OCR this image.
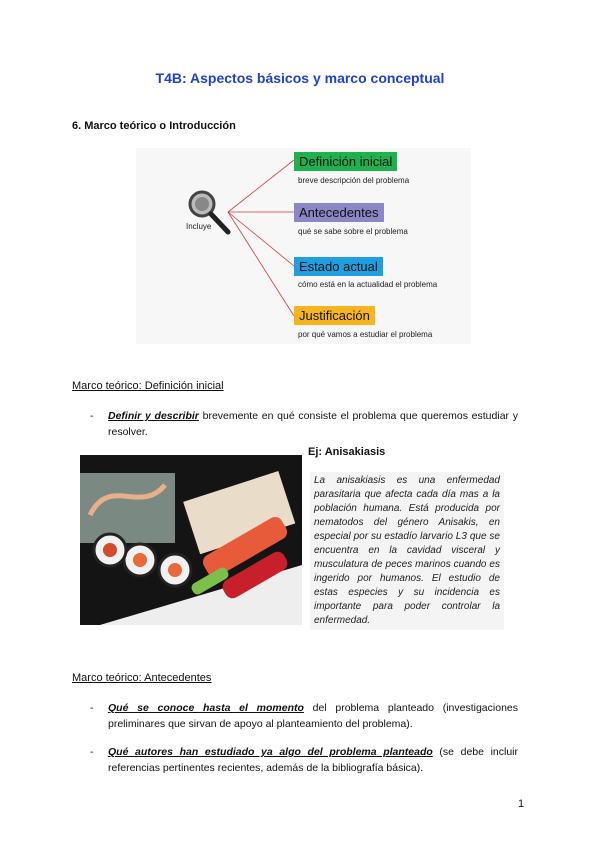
T4B: Aspectos básicos y marco conceptual
6. Marco teórico o Introducción
Incluye
Definición inicial
breve descripción del problema
Antecedentes
qué se sabe sobre el problema
Estado actual
cómo está en la actualidad el problema
Justificación
por qué vamos a estudiar el problema
Marco teórico: Definición inicial
- Definir y describir brevemente en qué consiste el problema que queremos estudiar y resolver.
Ej: Anisakiasis
La anisakiasis es una enfermedad parasitaria que afecta cada día mas a la población humana. Está producida por nematodos del género Anisakis, en especial por su estadío larvario L3 que se encuentra en la cavidad visceral y musculatura de peces marinos cuando es ingerido por humanos. El estudio de estas especies y su incidencia es importante para poder controlar la enfermedad.
Marco teórico: Antecedentes
- Qué se conoce hasta el momento del problema planteado (investigaciones preliminares que sirvan de apoyo al planteamiento del problema).
- Qué autores han estudiado ya algo del problema planteado (se debe incluir referencias pertinentes recientes, además de la bibliografía básica).
1
